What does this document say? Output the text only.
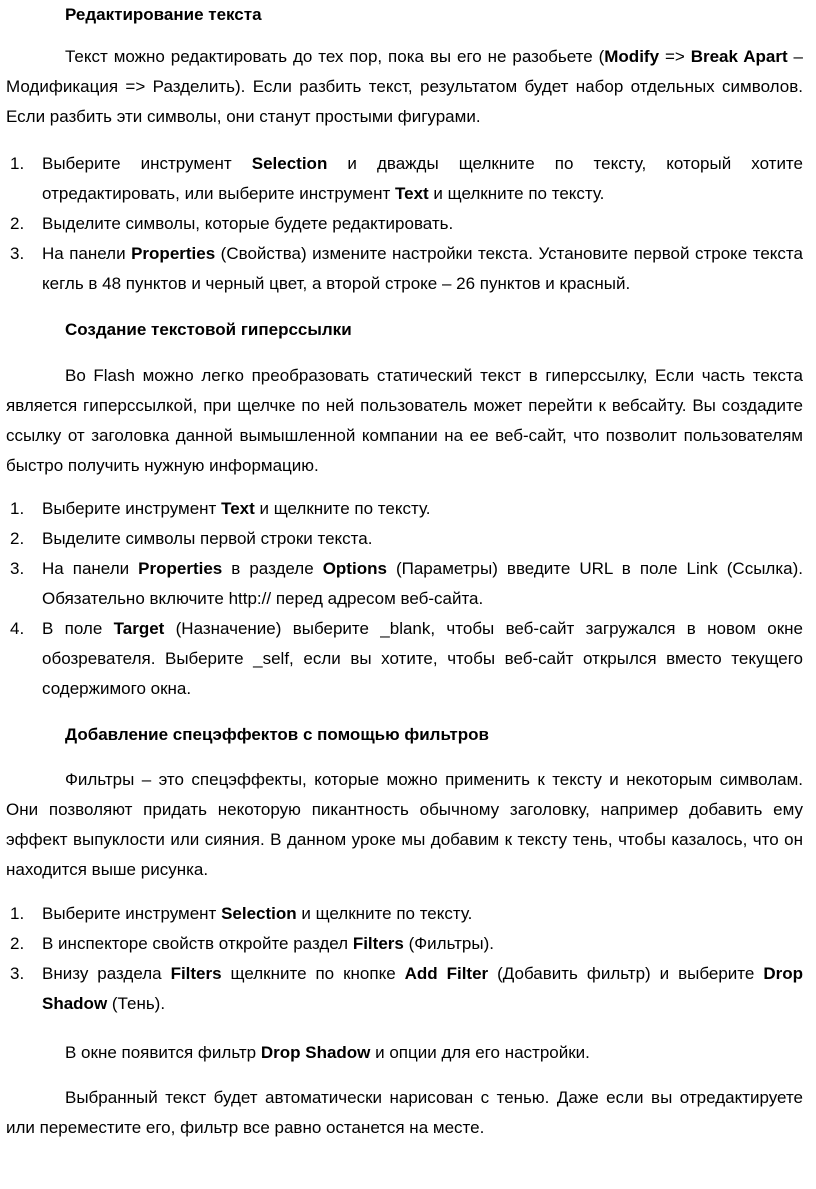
Редактирование текста

Текст можно редактировать до тех пор, пока вы его не разобьете (Modify => Break Apart – Модификация => Разделить). Если разбить текст, результатом будет набор отдельных символов. Если разбить эти символы, они станут простыми фигурами.

1. Выберите инструмент Selection и дважды щелкните по тексту, который хотите отредактировать, или выберите инструмент Text и щелкните по тексту.
2. Выделите символы, которые будете редактировать.
3. На панели Properties (Свойства) измените настройки текста. Установите первой строке текста кегль в 48 пунктов и черный цвет, а второй строке – 26 пунктов и красный.
Создание текстовой гиперссылки

Во Flash можно легко преобразовать статический текст в гиперссылку, Если часть текста является гиперссылкой, при щелчке по ней пользователь может перейти к вебсайту. Вы создадите ссылку от заголовка данной вымышленной компании на ее веб-сайт, что позволит пользователям быстро получить нужную информацию.

1. Выберите инструмент Text и щелкните по тексту.
2. Выделите символы первой строки текста.
3. На панели Properties в разделе Options (Параметры) введите URL в поле Link (Ссылка). Обязательно включите http:// перед адресом веб-сайта.
4. В поле Target (Назначение) выберите _blank, чтобы веб-сайт загружался в новом окне обозревателя. Выберите _self, если вы хотите, чтобы веб-сайт открылся вместо текущего содержимого окна.
Добавление спецэффектов с помощью фильтров

Фильтры – это спецэффекты, которые можно применить к тексту и некоторым символам. Они позволяют придать некоторую пикантность обычному заголовку, например добавить ему эффект выпуклости или сияния. В данном уроке мы добавим к тексту тень, чтобы казалось, что он находится выше рисунка.

1. Выберите инструмент Selection и щелкните по тексту.
2. В инспекторе свойств откройте раздел Filters (Фильтры).
3. Внизу раздела Filters щелкните по кнопке Add Filter (Добавить фильтр) и выберите Drop Shadow (Тень).

В окне появится фильтр Drop Shadow и опции для его настройки.

Выбранный текст будет автоматически нарисован с тенью. Даже если вы отредактируете или переместите его, фильтр все равно останется на месте.
